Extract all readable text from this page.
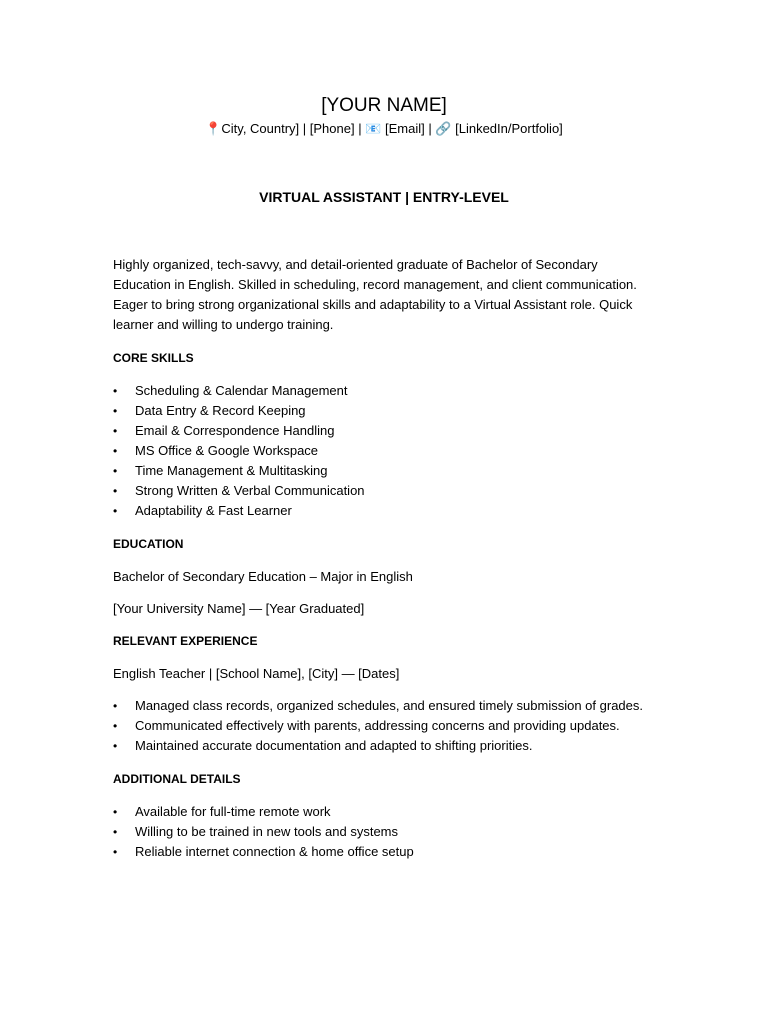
[YOUR NAME]
📍City, Country] | [Phone] | 📧 [Email] | 🔗 [LinkedIn/Portfolio]
VIRTUAL ASSISTANT | ENTRY-LEVEL

Highly organized, tech-savvy, and detail-oriented graduate of Bachelor of Secondary Education in English. Skilled in scheduling, record management, and client communication. Eager to bring strong organizational skills and adaptability to a Virtual Assistant role. Quick learner and willing to undergo training.

CORE SKILLS
• Scheduling & Calendar Management
• Data Entry & Record Keeping
• Email & Correspondence Handling
• MS Office & Google Workspace
• Time Management & Multitasking
• Strong Written & Verbal Communication
• Adaptability & Fast Learner
EDUCATION

Bachelor of Secondary Education – Major in English

[Your University Name] — [Year Graduated]

RELEVANT EXPERIENCE

English Teacher | [School Name], [City] — [Dates]

• Managed class records, organized schedules, and ensured timely submission of grades.
• Communicated effectively with parents, addressing concerns and providing updates.
• Maintained accurate documentation and adapted to shifting priorities.
ADDITIONAL DETAILS
• Available for full-time remote work
• Willing to be trained in new tools and systems
• Reliable internet connection & home office setup
